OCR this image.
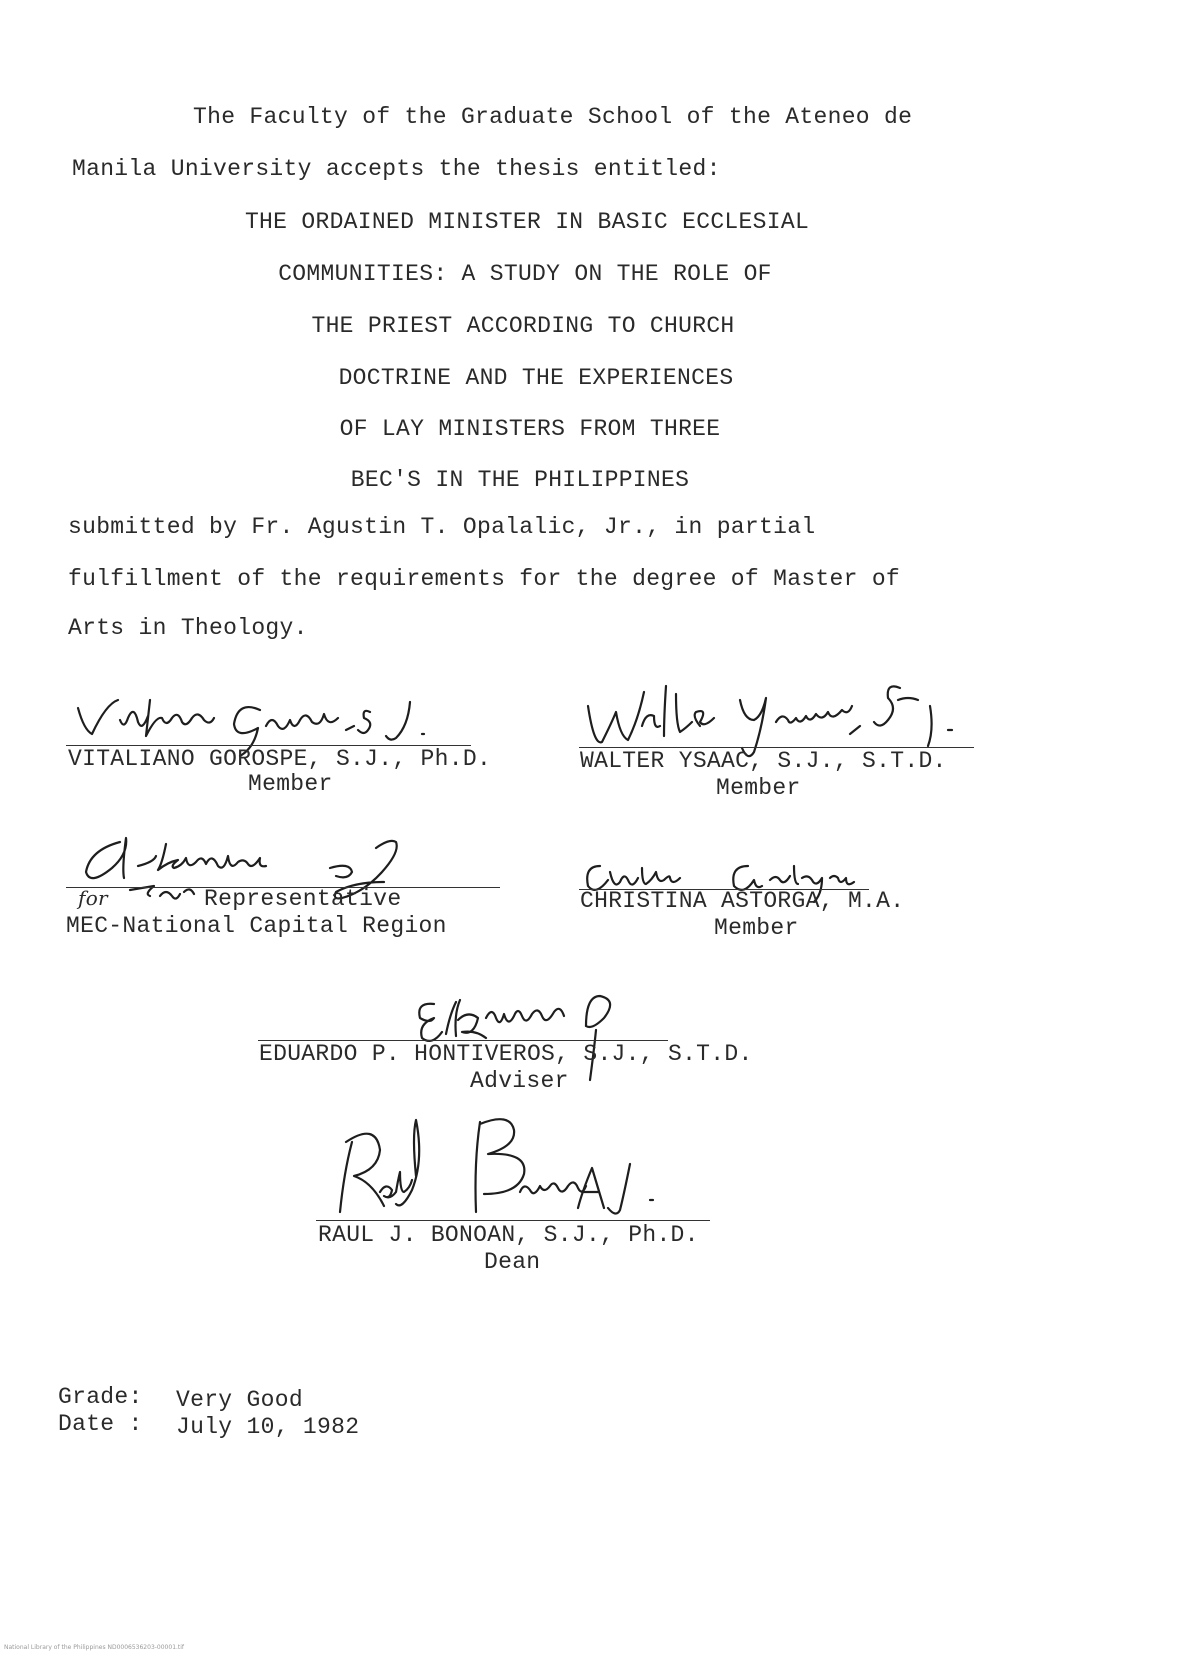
The Faculty of the Graduate School of the Ateneo de
Manila University accepts the thesis entitled:
THE ORDAINED MINISTER IN BASIC ECCLESIAL
COMMUNITIES: A STUDY ON THE ROLE OF
THE PRIEST ACCORDING TO CHURCH
DOCTRINE AND THE EXPERIENCES
OF LAY MINISTERS FROM THREE
BEC'S IN THE PHILIPPINES
submitted by Fr. Agustin T. Opalalic, Jr., in partial
fulfillment of the requirements for the degree of Master of
Arts in Theology.
VITALIANO GOROSPE, S.J., Ph.D.
Member
WALTER YSAAC, S.J., S.T.D.
Member
for	Representative
MEC-National Capital Region
CHRISTINA ASTORGA, M.A.
Member
EDUARDO P. HONTIVEROS, S.J., S.T.D.
Adviser
RAUL J. BONOAN, S.J., Ph.D.
Dean
Grade: Very Good
Date : July 10, 1982
National Library of the Philippines ND0006536203-00001.tif
